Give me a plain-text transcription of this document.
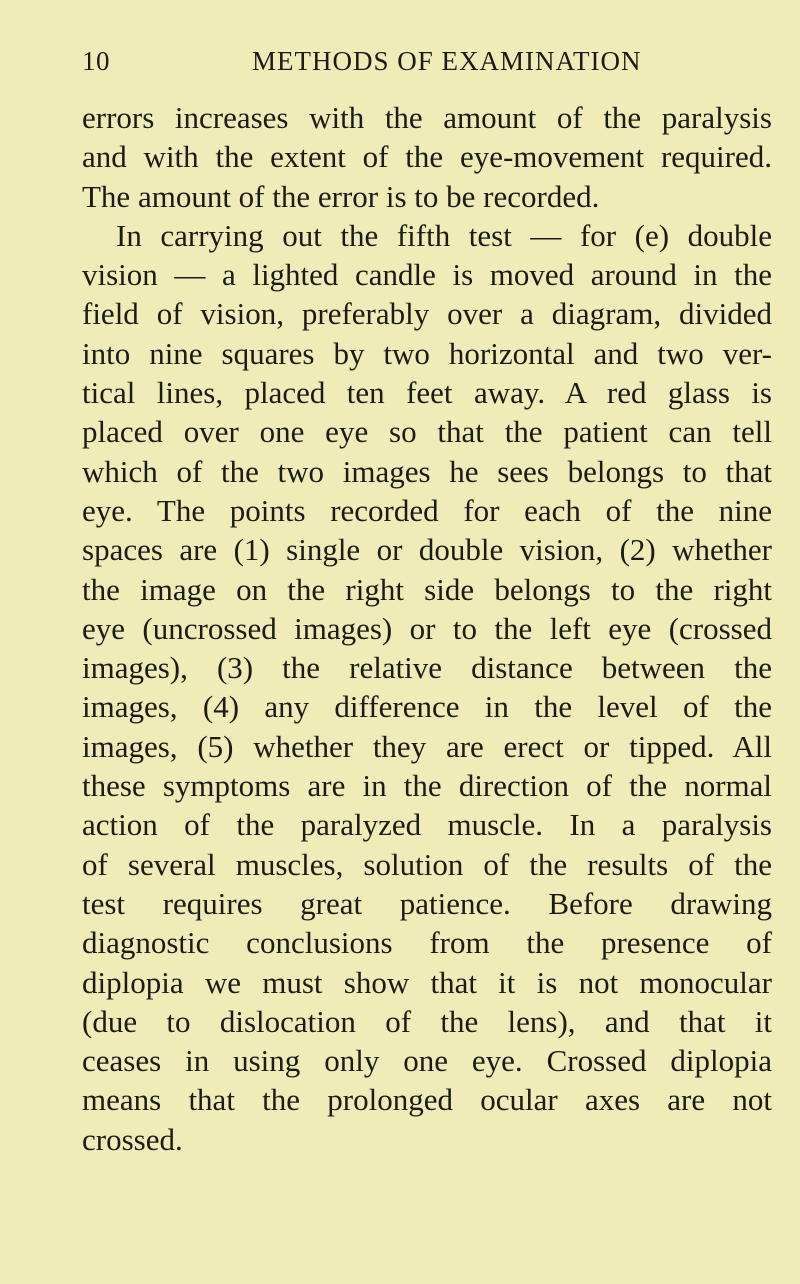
10	METHODS OF EXAMINATION
errors increases with the amount of the paralysis
and with the extent of the eye-movement required.
The amount of the error is to be recorded.
In carrying out the fifth test — for (e) double
vision — a lighted candle is moved around in the
field of vision, preferably over a diagram, divided
into nine squares by two horizontal and two ver-
tical lines, placed ten feet away. A red glass is
placed over one eye so that the patient can tell
which of the two images he sees belongs to that
eye. The points recorded for each of the nine
spaces are (1) single or double vision, (2) whether
the image on the right side belongs to the right
eye (uncrossed images) or to the left eye (crossed
images), (3) the relative distance between the
images, (4) any difference in the level of the
images, (5) whether they are erect or tipped. All
these symptoms are in the direction of the normal
action of the paralyzed muscle. In a paralysis
of several muscles, solution of the results of the
test requires great patience. Before drawing
diagnostic conclusions from the presence of
diplopia we must show that it is not monocular
(due to dislocation of the lens), and that it
ceases in using only one eye. Crossed diplopia
means that the prolonged ocular axes are not
crossed.
